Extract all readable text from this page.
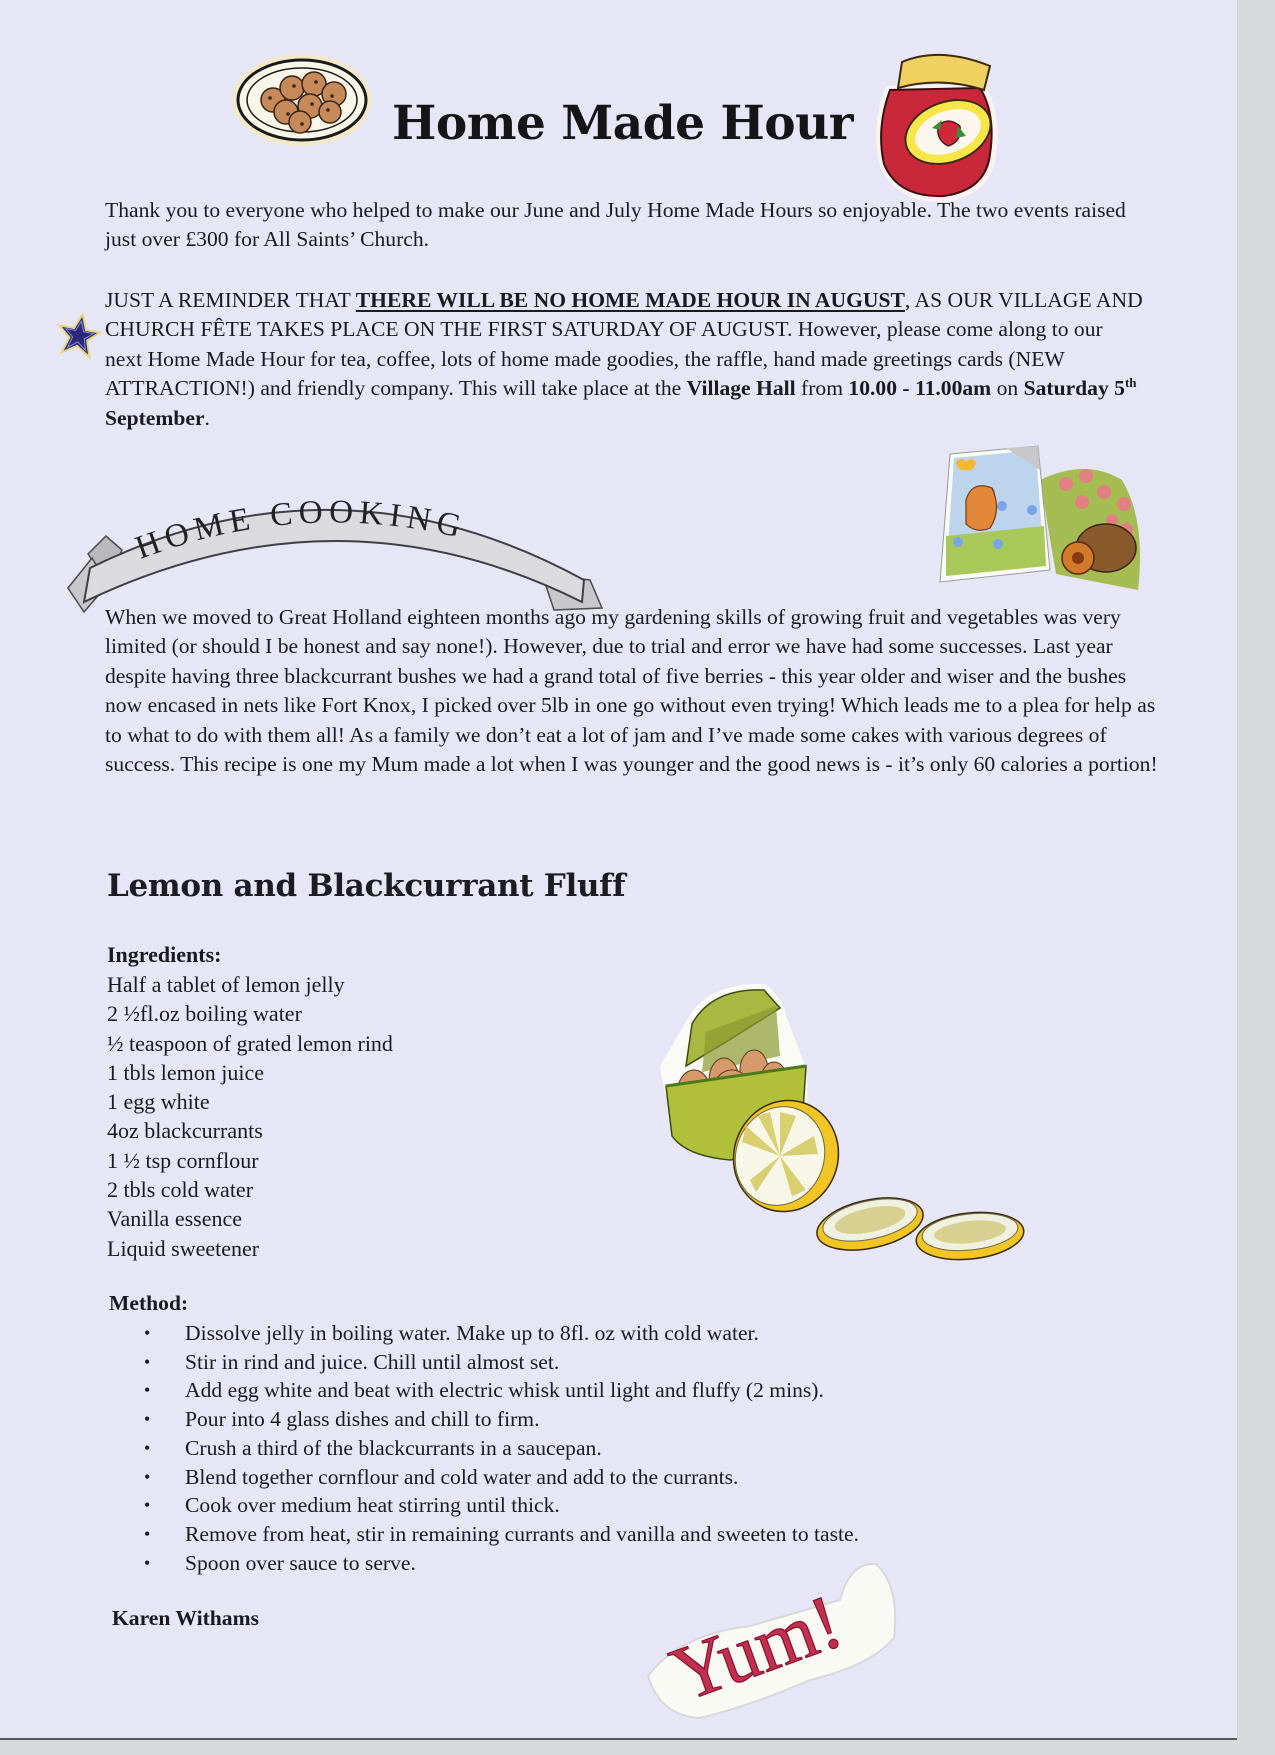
Home Made Hour
Thank you to everyone who helped to make our June and July Home Made Hours so enjoyable. The two events raised just over £300 for All Saints’ Church.
JUST A REMINDER THAT THERE WILL BE NO HOME MADE HOUR IN AUGUST, AS OUR VILLAGE AND CHURCH FÊTE TAKES PLACE ON THE FIRST SATURDAY OF AUGUST. However, please come along to our next Home Made Hour for tea, coffee, lots of home made goodies, the raffle, hand made greetings cards (NEW ATTRACTION!) and friendly company. This will take place at the Village Hall from 10.00 - 11.00am on Saturday 5th September.
HOME COOKING
When we moved to Great Holland eighteen months ago my gardening skills of growing fruit and vegetables was very limited (or should I be honest and say none!). However, due to trial and error we have had some successes. Last year despite having three blackcurrant bushes we had a grand total of five berries - this year older and wiser and the bushes now encased in nets like Fort Knox, I picked over 5lb in one go without even trying! Which leads me to a plea for help as to what to do with them all! As a family we don’t eat a lot of jam and I’ve made some cakes with various degrees of success. This recipe is one my Mum made a lot when I was younger and the good news is - it’s only 60 calories a portion!
Lemon and Blackcurrant Fluff
Ingredients:
Half a tablet of lemon jelly
2 ½fl.oz boiling water
½ teaspoon of grated lemon rind
1 tbls lemon juice
1 egg white
4oz blackcurrants
1 ½ tsp cornflour
2 tbls cold water
Vanilla essence
Liquid sweetener
Method:
• Dissolve jelly in boiling water. Make up to 8fl. oz with cold water.
• Stir in rind and juice. Chill until almost set.
• Add egg white and beat with electric whisk until light and fluffy (2 mins).
• Pour into 4 glass dishes and chill to firm.
• Crush a third of the blackcurrants in a saucepan.
• Blend together cornflour and cold water and add to the currants.
• Cook over medium heat stirring until thick.
• Remove from heat, stir in remaining currants and vanilla and sweeten to taste.
• Spoon over sauce to serve.
Karen Withams	Yum!
